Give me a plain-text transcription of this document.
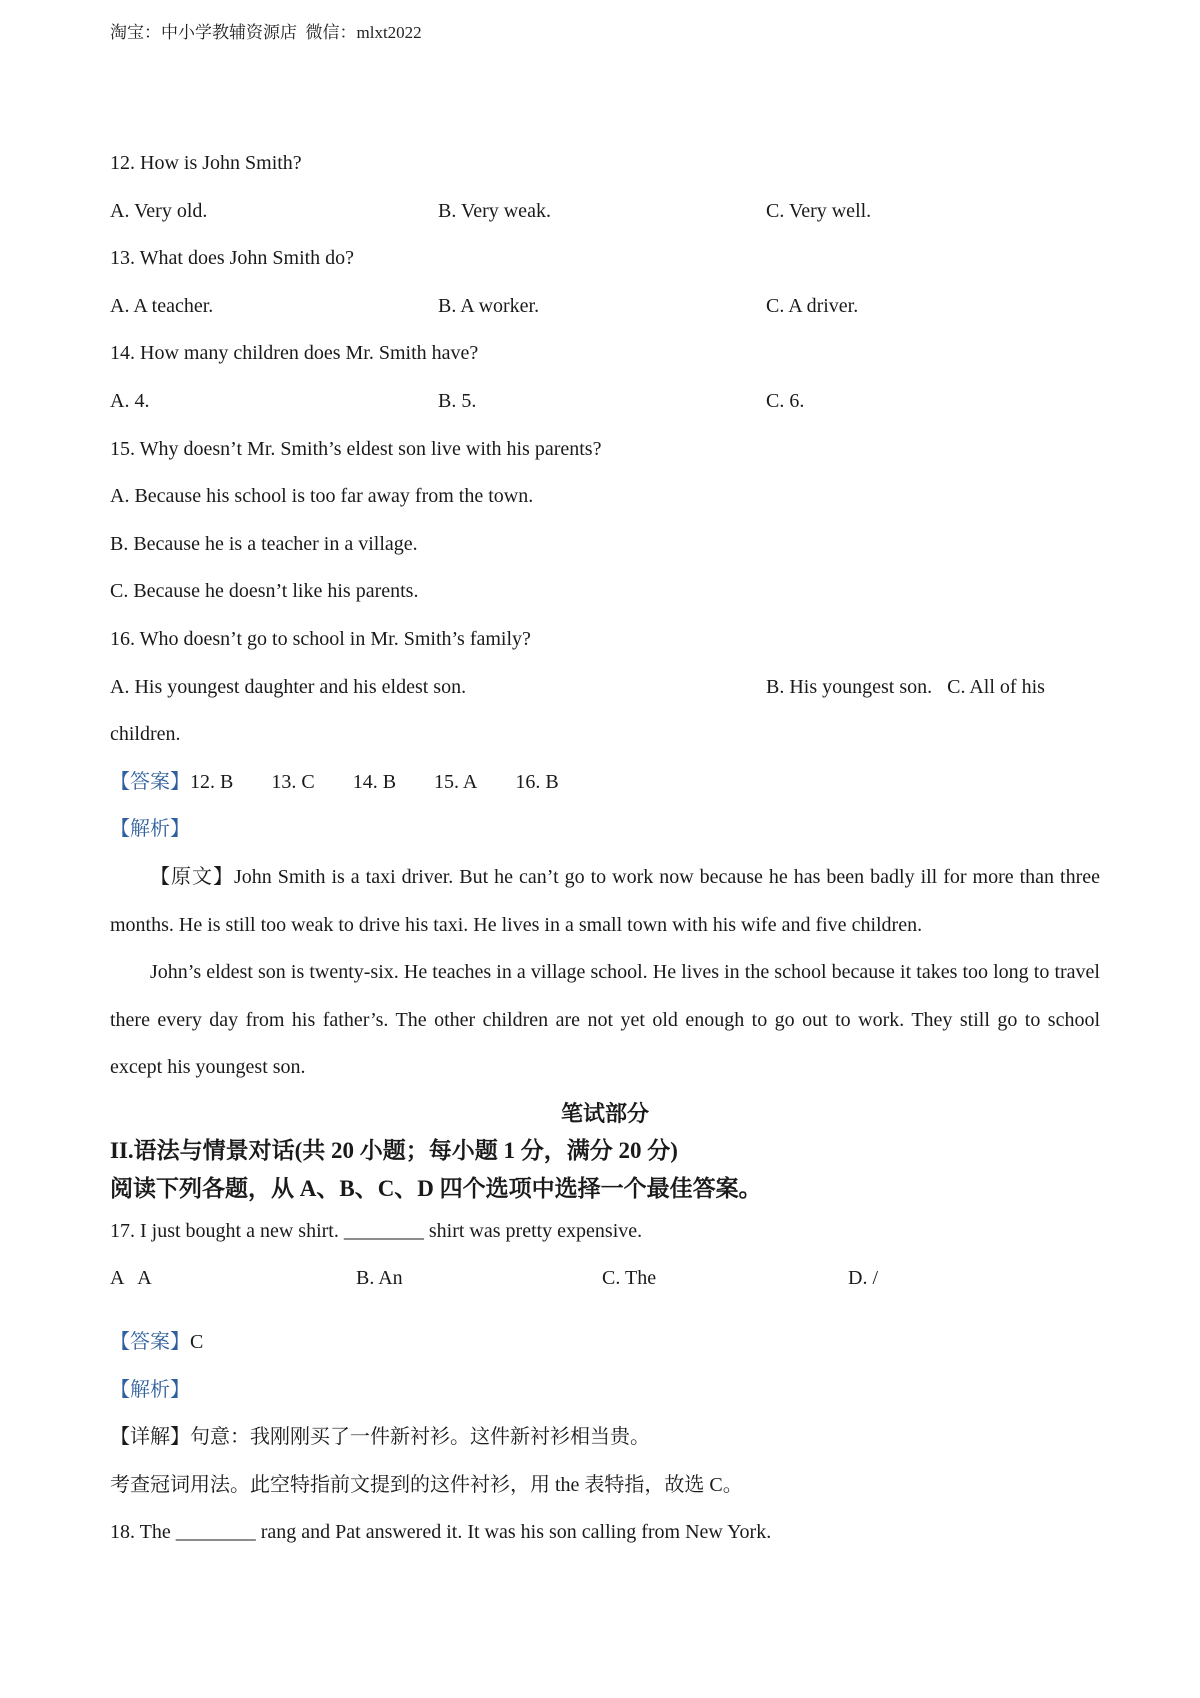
淘宝：中小学教辅资源店  微信：mlxt2022
12. How is John Smith?
A. Very old.	B. Very weak.	C. Very well.
13. What does John Smith do?
A. A teacher.	B. A worker.	C. A driver.
14. How many children does Mr. Smith have?
A. 4.	B. 5.	C. 6.
15. Why doesn’t Mr. Smith’s eldest son live with his parents?
A. Because his school is too far away from the town.
B. Because he is a teacher in a village.
C. Because he doesn’t like his parents.
16. Who doesn’t go to school in Mr. Smith’s family?
A. His youngest daughter and his eldest son.	B. His youngest son.   C. All of his
children.
【答案】12. B 13. C 14. B 15. A 16. B
【解析】
【原文】John Smith is a taxi driver. But he can’t go to work now because he has been badly ill for more than three months. He is still too weak to drive his taxi. He lives in a small town with his wife and five children.
John’s eldest son is twenty-six. He teaches in a village school. He lives in the school because it takes too long to travel there every day from his father’s. The other children are not yet old enough to go out to work. They still go to school except his youngest son.
笔试部分
II.语法与情景对话(共 20 小题；每小题 1 分，满分 20 分)
阅读下列各题，从 A、B、C、D 四个选项中选择一个最佳答案。
17. I just bought a new shirt. ________ shirt was pretty expensive.
A   A	B. An	C. The	D. /
【答案】C
【解析】
【详解】句意：我刚刚买了一件新衬衫。这件新衬衫相当贵。
考查冠词用法。此空特指前文提到的这件衬衫，用 the 表特指，故选 C。
18. The ________ rang and Pat answered it. It was his son calling from New York.
